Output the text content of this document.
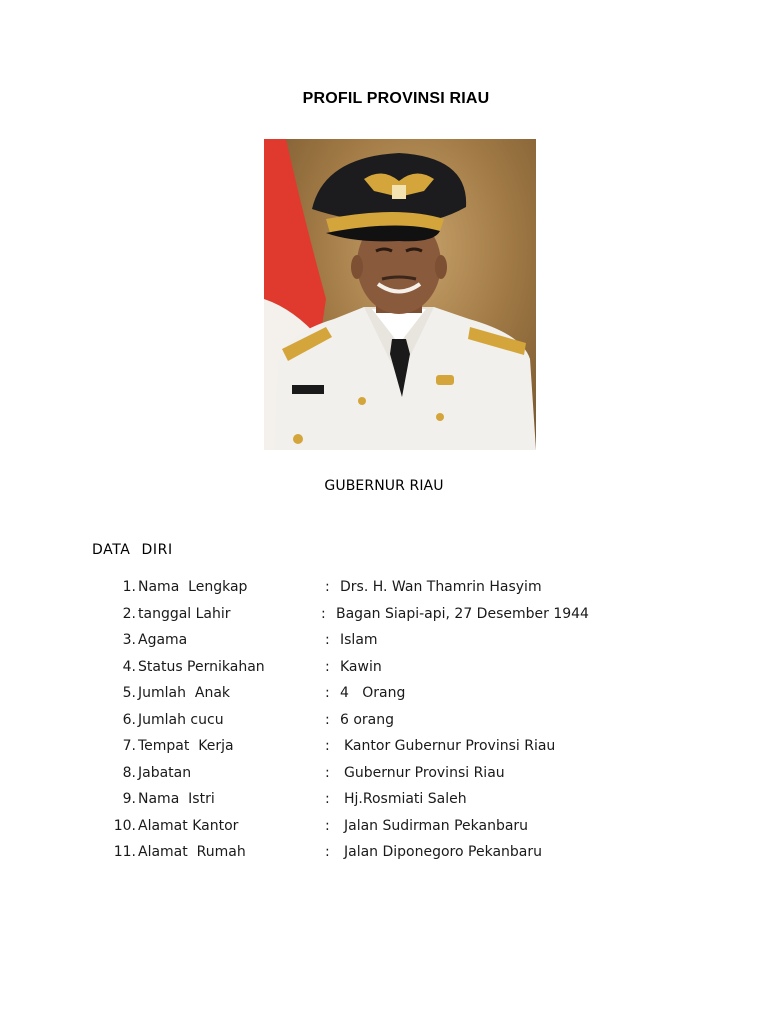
PROFIL PROVINSI RIAU
GUBERNUR RIAU
DATA DIRI
1. Nama  Lengkap	: Drs. H. Wan Thamrin Hasyim
2. tanggal Lahir	: Bagan Siapi-api, 27 Desember 1944
3. Agama	: Islam
4. Status Pernikahan	: Kawin
5. Jumlah  Anak	: 4   Orang
6. Jumlah cucu	: 6 orang
7. Tempat  Kerja	: Kantor Gubernur Provinsi Riau
8. Jabatan	: Gubernur Provinsi Riau
9. Nama  Istri	: Hj.Rosmiati Saleh
10. Alamat Kantor	: Jalan Sudirman Pekanbaru
11. Alamat  Rumah	: Jalan Diponegoro Pekanbaru
